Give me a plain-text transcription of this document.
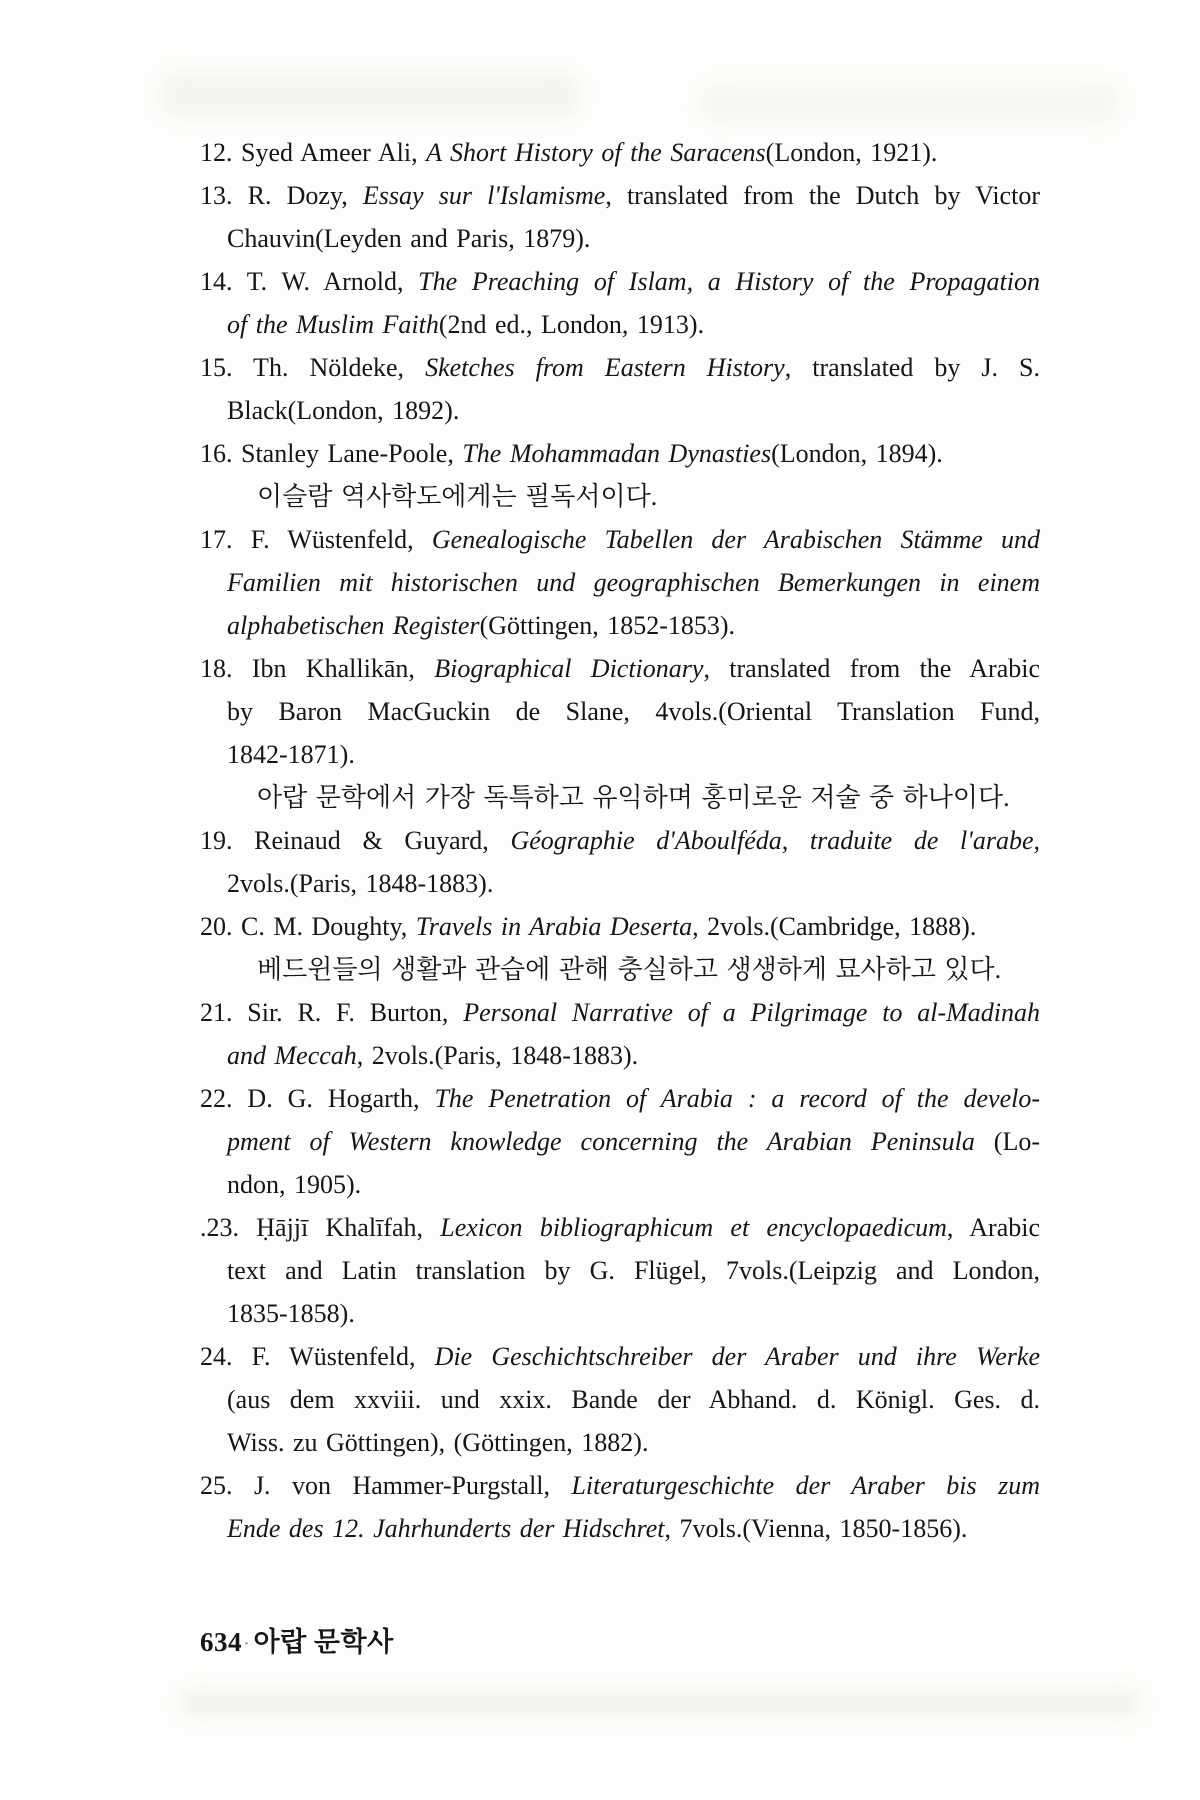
12. Syed Ameer Ali, A Short History of the Saracens(London, 1921).
13. R. Dozy, Essay sur l'Islamisme, translated from the Dutch by Victor
Chauvin(Leyden and Paris, 1879).
14. T. W. Arnold, The Preaching of Islam, a History of the Propagation
of the Muslim Faith(2nd ed., London, 1913).
15. Th. Nöldeke, Sketches from Eastern History, translated by J. S.
Black(London, 1892).
16. Stanley Lane-Poole, The Mohammadan Dynasties(London, 1894).
이슬람 역사학도에게는 필독서이다.
17. F. Wüstenfeld, Genealogische Tabellen der Arabischen Stämme und
Familien mit historischen und geographischen Bemerkungen in einem
alphabetischen Register(Göttingen, 1852-1853).
18. Ibn Khallikān, Biographical Dictionary, translated from the Arabic
by Baron MacGuckin de Slane, 4vols.(Oriental Translation Fund,
1842-1871).
아랍 문학에서 가장 독특하고 유익하며 홍미로운 저술 중 하나이다.
19. Reinaud & Guyard, Géographie d'Aboulféda, traduite de l'arabe,
2vols.(Paris, 1848-1883).
20. C. M. Doughty, Travels in Arabia Deserta, 2vols.(Cambridge, 1888).
베드윈들의 생활과 관습에 관해 충실하고 생생하게 묘사하고 있다.
21. Sir. R. F. Burton, Personal Narrative of a Pilgrimage to al-Madinah
and Meccah, 2vols.(Paris, 1848-1883).
22. D. G. Hogarth, The Penetration of Arabia : a record of the develo-
pment of Western knowledge concerning the Arabian Peninsula (Lo-
ndon, 1905).
.23. Ḥājjī Khalīfah, Lexicon bibliographicum et encyclopaedicum, Arabic
text and Latin translation by G. Flügel, 7vols.(Leipzig and London,
1835-1858).
24. F. Wüstenfeld, Die Geschichtschreiber der Araber und ihre Werke
(aus dem xxviii. und xxix. Bande der Abhand. d. Königl. Ges. d.
Wiss. zu Göttingen), (Göttingen, 1882).
25. J. von Hammer-Purgstall, Literaturgeschichte der Araber bis zum
Ende des 12. Jahrhunderts der Hidschret, 7vols.(Vienna, 1850-1856).
634 · 아랍 문학사
